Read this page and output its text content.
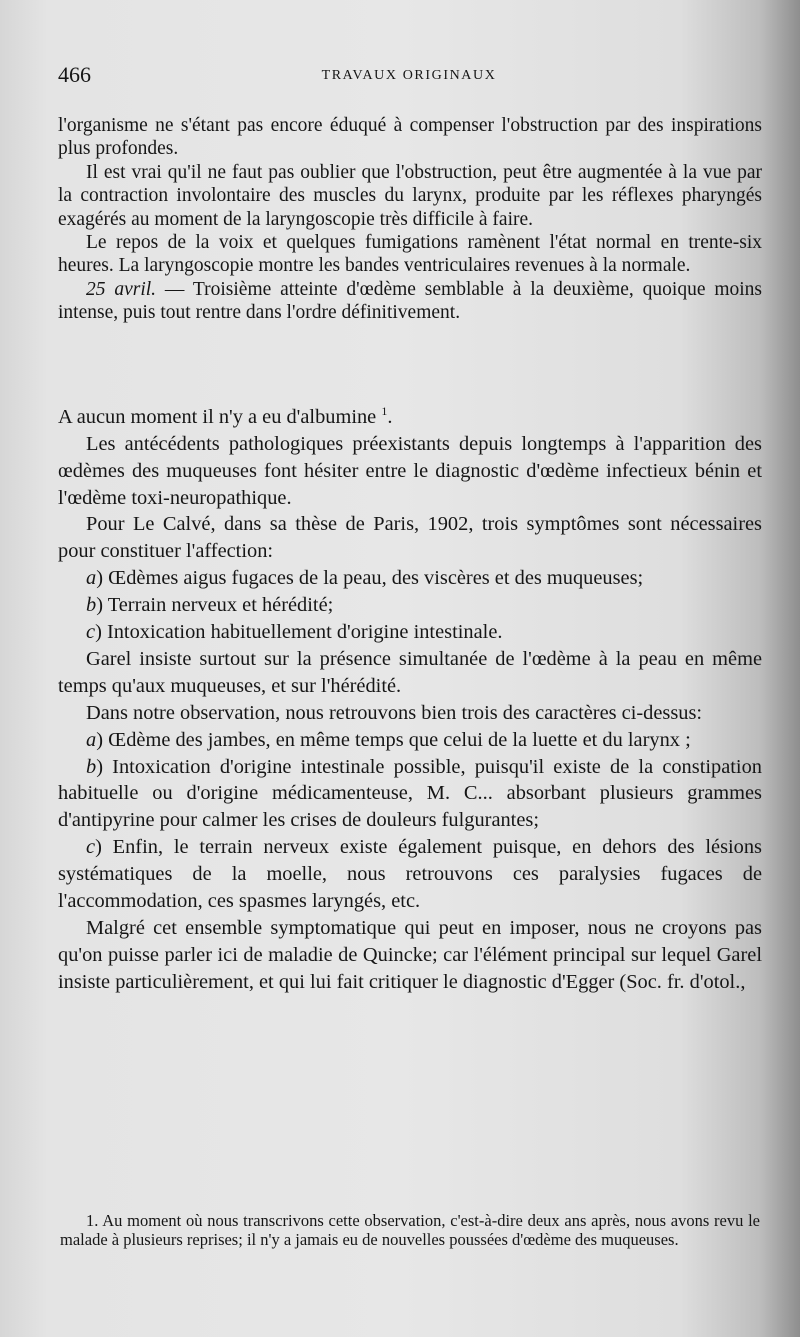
466	TRAVAUX ORIGINAUX

l'organisme ne s'étant pas encore éduqué à compenser l'obstruction par des inspirations plus profondes.

Il est vrai qu'il ne faut pas oublier que l'obstruction, peut être augmentée à la vue par la contraction involontaire des muscles du larynx, produite par les réflexes pharyngés exagérés au moment de la laryngoscopie très difficile à faire.

Le repos de la voix et quelques fumigations ramènent l'état normal en trente-six heures. La laryngoscopie montre les bandes ventriculaires revenues à la normale.

25 avril. — Troisième atteinte d'œdème semblable à la deuxième, quoique moins intense, puis tout rentre dans l'ordre définitivement.

A aucun moment il n'y a eu d'albumine $^1$.

Les antécédents pathologiques préexistants depuis longtemps à l'apparition des œdèmes des muqueuses font hésiter entre le diagnostic d'œdème infectieux bénin et l'œdème toxi-neuropathique.

Pour Le Calvé, dans sa thèse de Paris, 1902, trois symptômes sont nécessaires pour constituer l'affection:

a) Œdèmes aigus fugaces de la peau, des viscères et des muqueuses;

b) Terrain nerveux et hérédité;

c) Intoxication habituellement d'origine intestinale.

Garel insiste surtout sur la présence simultanée de l'œdème à la peau en même temps qu'aux muqueuses, et sur l'hérédité.

Dans notre observation, nous retrouvons bien trois des caractères ci-dessus:

a) Œdème des jambes, en même temps que celui de la luette et du larynx ;

b) Intoxication d'origine intestinale possible, puisqu'il existe de la constipation habituelle ou d'origine médicamenteuse, M. C... absorbant plusieurs grammes d'antipyrine pour calmer les crises de douleurs fulgurantes;

c) Enfin, le terrain nerveux existe également puisque, en dehors des lésions systématiques de la moelle, nous retrouvons ces paralysies fugaces de l'accommodation, ces spasmes laryngés, etc.

Malgré cet ensemble symptomatique qui peut en imposer, nous ne croyons pas qu'on puisse parler ici de maladie de Quincke; car l'élément principal sur lequel Garel insiste particulièrement, et qui lui fait critiquer le diagnostic d'Egger (Soc. fr. d'otol.,

1. Au moment où nous transcrivons cette observation, c'est-à-dire deux ans après, nous avons revu le malade à plusieurs reprises; il n'y a jamais eu de nouvelles poussées d'œdème des muqueuses.
